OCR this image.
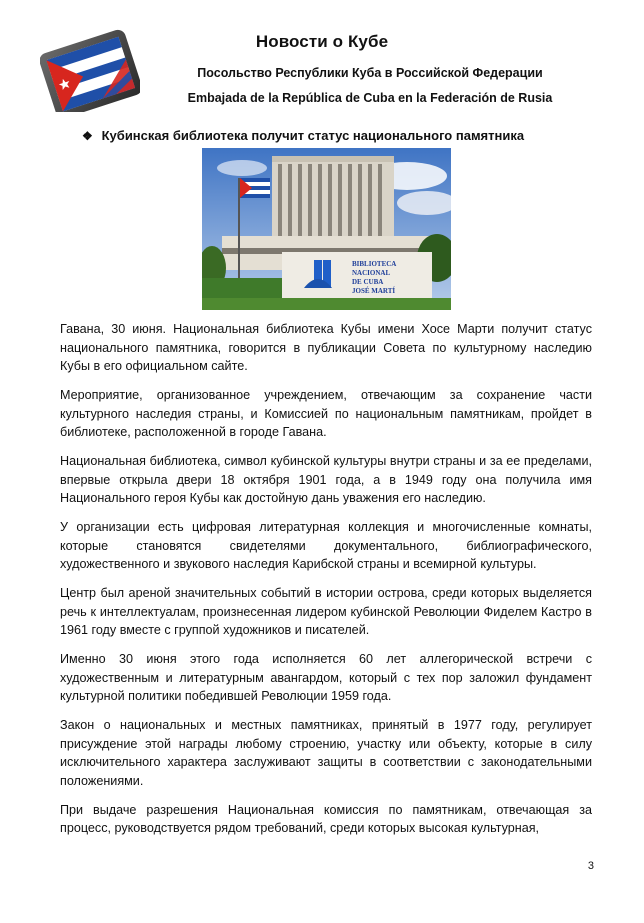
Новости о Кубе
Посольство Республики Куба в Российской Федерации
Embajada de la República de Cuba en la Federación de Rusia
❖ Кубинская библиотека получит статус национального памятника
BIBLIOTECA
NACIONAL
DE CUBA
JOSÉ MARTÍ

Гавана, 30 июня. Национальная библиотека Кубы имени Хосе Марти получит статус национального памятника, говорится в публикации Совета по культурному наследию Кубы в его официальном сайте.

Мероприятие, организованное учреждением, отвечающим за сохранение части культурного наследия страны, и Комиссией по национальным памятникам, пройдет в библиотеке, расположенной в городе Гавана.

Национальная библиотека, символ кубинской культуры внутри страны и за ее пределами, впервые открыла двери 18 октября 1901 года, а в 1949 году она получила имя Национального героя Кубы как достойную дань уважения его наследию.

У организации есть цифровая литературная коллекция и многочисленные комнаты, которые становятся свидетелями документального, библиографического, художественного и звукового наследия Карибской страны и всемирной культуры.

Центр был ареной значительных событий в истории острова, среди которых выделяется речь к интеллектуалам, произнесенная лидером кубинской Революции Фиделем Кастро в 1961 году вместе с группой художников и писателей.

Именно 30 июня этого года исполняется 60 лет аллегорической встречи с художественным и литературным авангардом, который с тех пор заложил фундамент культурной политики победившей Революции 1959 года.

Закон о национальных и местных памятниках, принятый в 1977 году, регулирует присуждение этой награды любому строению, участку или объекту, которые в силу исключительного характера заслуживают защиты в соответствии с законодательными положениями.

При выдаче разрешения Национальная комиссия по памятникам, отвечающая за процесс, руководствуется рядом требований, среди которых высокая культурная,

3
